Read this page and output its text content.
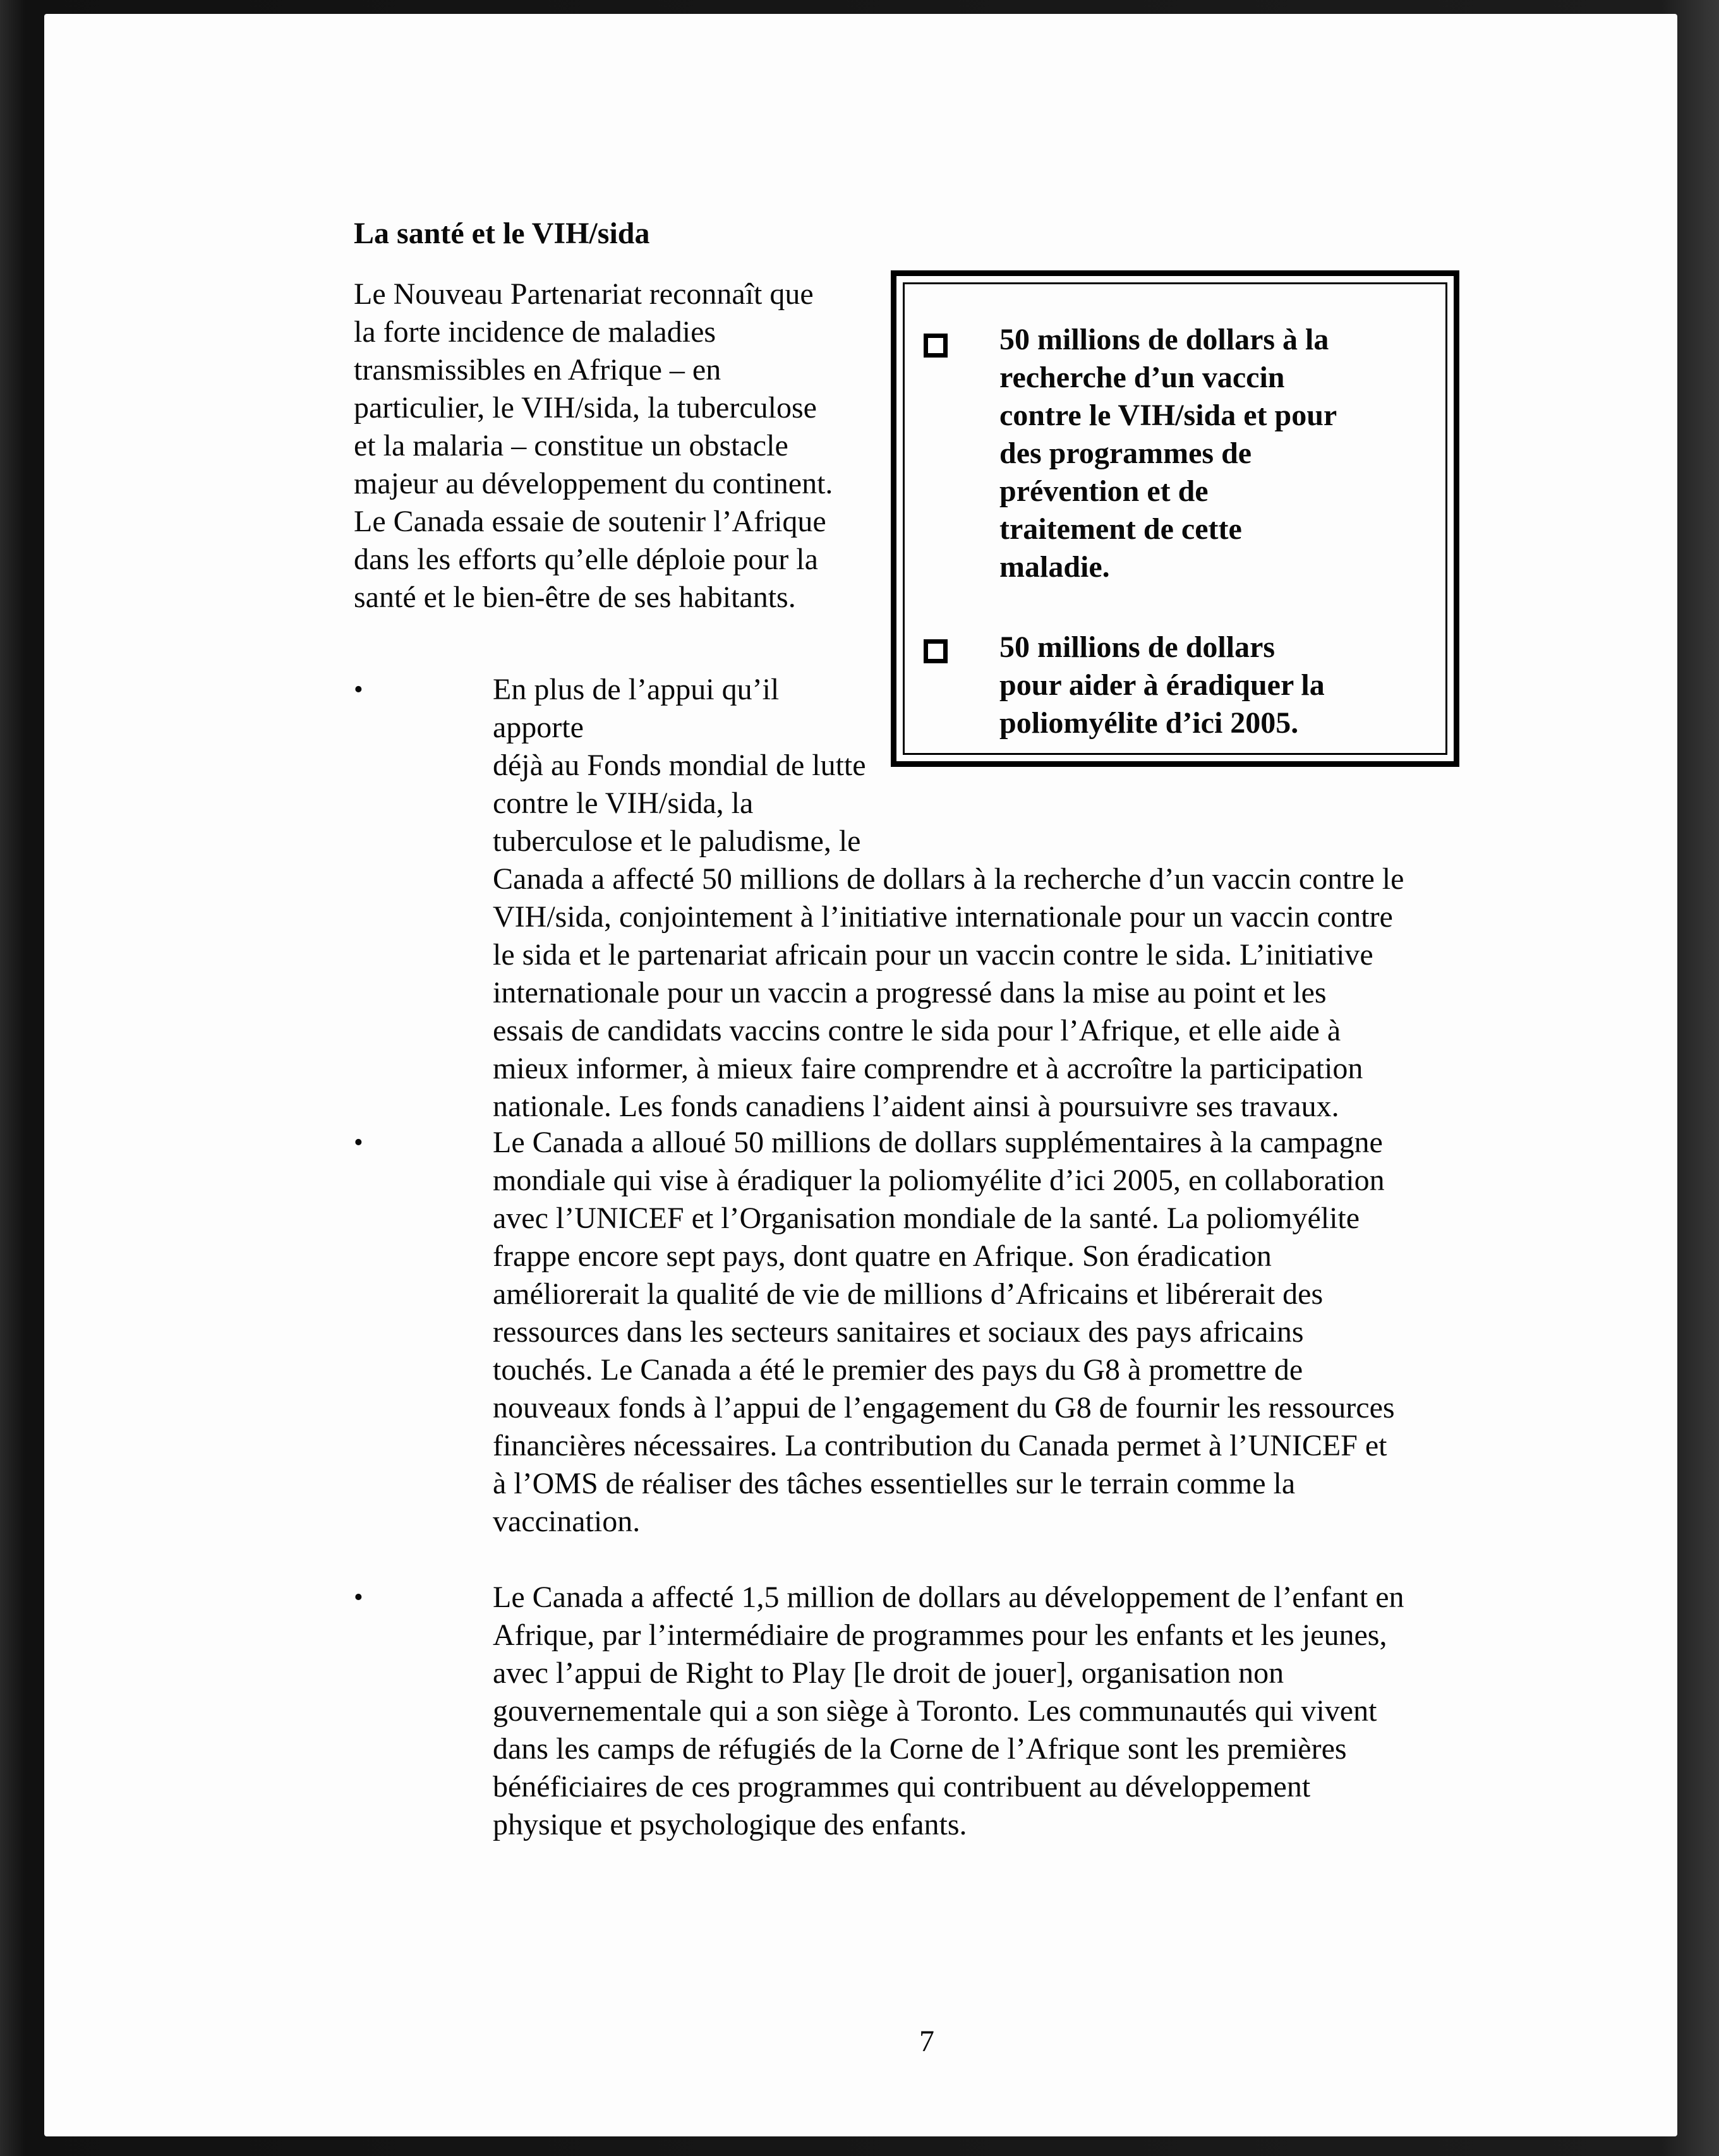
La santé et le VIH/sida
Le Nouveau Partenariat reconnaît que
la forte incidence de maladies
transmissibles en Afrique – en
particulier, le VIH/sida, la tuberculose
et la malaria – constitue un obstacle
majeur au développement du continent.
Le Canada essaie de soutenir l’Afrique
dans les efforts qu’elle déploie pour la
santé et le bien-être de ses habitants.
50 millions de dollars à la
recherche d’un vaccin
contre le VIH/sida et pour
des programmes de
prévention et de
traitement de cette
maladie.
50 millions de dollars
pour aider à éradiquer la
poliomyélite d’ici 2005.
•	En plus de l’appui qu’il apporte
déjà au Fonds mondial de lutte
contre le VIH/sida, la
tuberculose et le paludisme, le
Canada a affecté 50 millions de dollars à la recherche d’un vaccin contre le
VIH/sida, conjointement à l’initiative internationale pour un vaccin contre
le sida et le partenariat africain pour un vaccin contre le sida. L’initiative
internationale pour un vaccin a progressé dans la mise au point et les
essais de candidats vaccins contre le sida pour l’Afrique, et elle aide à
mieux informer, à mieux faire comprendre et à accroître la participation
nationale. Les fonds canadiens l’aident ainsi à poursuivre ses travaux.
•	Le Canada a alloué 50 millions de dollars supplémentaires à la campagne
mondiale qui vise à éradiquer la poliomyélite d’ici 2005, en collaboration
avec l’UNICEF et l’Organisation mondiale de la santé. La poliomyélite
frappe encore sept pays, dont quatre en Afrique. Son éradication
améliorerait la qualité de vie de millions d’Africains et libérerait des
ressources dans les secteurs sanitaires et sociaux des pays africains
touchés. Le Canada a été le premier des pays du G8 à promettre de
nouveaux fonds à l’appui de l’engagement du G8 de fournir les ressources
financières nécessaires. La contribution du Canada permet à l’UNICEF et
à l’OMS de réaliser des tâches essentielles sur le terrain comme la
vaccination.
•	Le Canada a affecté 1,5 million de dollars au développement de l’enfant en
Afrique, par l’intermédiaire de programmes pour les enfants et les jeunes,
avec l’appui de Right to Play [le droit de jouer], organisation non
gouvernementale qui a son siège à Toronto. Les communautés qui vivent
dans les camps de réfugiés de la Corne de l’Afrique sont les premières
bénéficiaires de ces programmes qui contribuent au développement
physique et psychologique des enfants.
7
